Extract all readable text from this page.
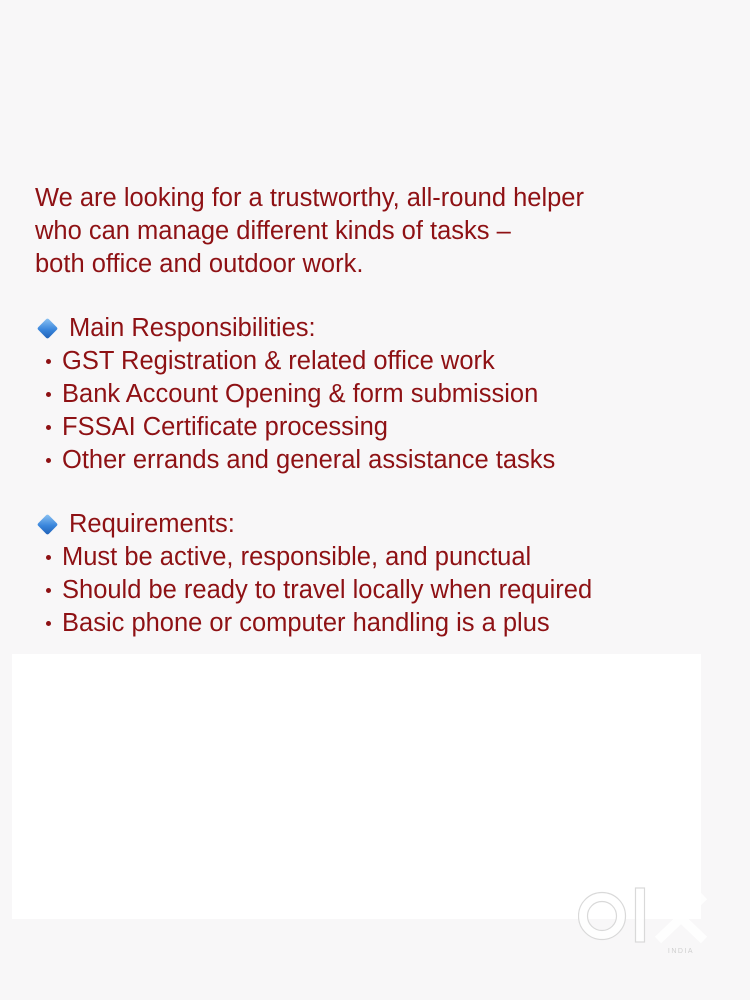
We are looking for a trustworthy, all-round helper
who can manage different kinds of tasks –
both office and outdoor work.
Main Responsibilities:
GST Registration & related office work
Bank Account Opening & form submission
FSSAI Certificate processing
Other errands and general assistance tasks
Requirements:
Must be active, responsible, and punctual
Should be ready to travel locally when required
Basic phone or computer handling is a plus
INDIA
